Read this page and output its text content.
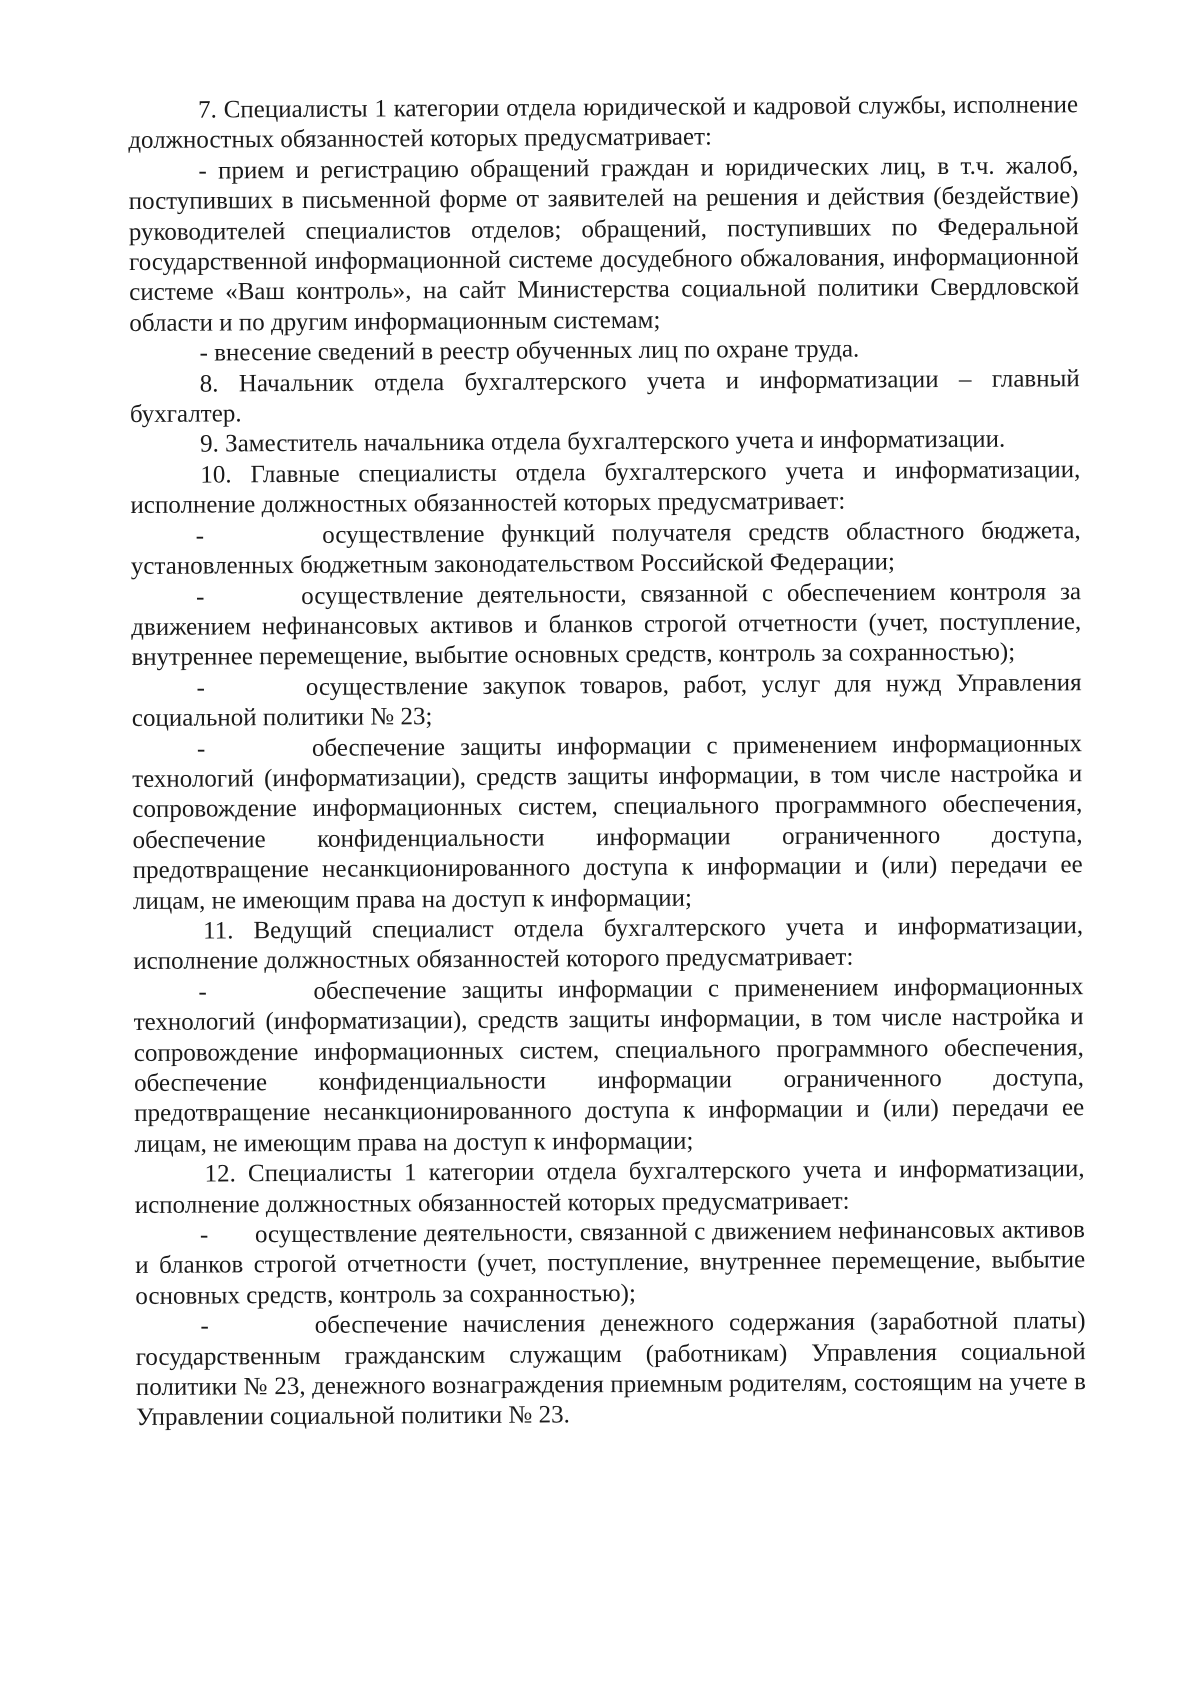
7. Специалисты 1 категории отдела юридической и кадровой службы, исполнение должностных обязанностей которых предусматривает:

- прием и регистрацию обращений граждан и юридических лиц, в т.ч. жалоб, поступивших в письменной форме от заявителей на решения и действия (бездействие) руководителей специалистов отделов; обращений, поступивших по Федеральной государственной информационной системе досудебного обжалования, информационной системе «Ваш контроль», на сайт Министерства социальной политики Свердловской области и по другим информационным системам;

- внесение сведений в реестр обученных лиц по охране труда.

8. Начальник отдела бухгалтерского учета и информатизации – главный бухгалтер.

9. Заместитель начальника отдела бухгалтерского учета и информатизации.

10. Главные специалисты отдела бухгалтерского учета и информатизации, исполнение должностных обязанностей которых предусматривает:

-       осуществление функций получателя средств областного бюджета, установленных бюджетным законодательством Российской Федерации;

-       осуществление деятельности, связанной с обеспечением контроля за движением нефинансовых активов и бланков строгой отчетности (учет, поступление, внутреннее перемещение, выбытие основных средств, контроль за сохранностью);

-       осуществление закупок товаров, работ, услуг для нужд Управления социальной политики № 23;

-       обеспечение защиты информации с применением информационных технологий (информатизации), средств защиты информации, в том числе настройка и сопровождение информационных систем, специального программного обеспечения, обеспечение конфиденциальности информации ограниченного доступа, предотвращение несанкционированного доступа к информации и (или) передачи ее лицам, не имеющим права на доступ к информации;

11. Ведущий специалист отдела бухгалтерского учета и информатизации, исполнение должностных обязанностей которого предусматривает:

-       обеспечение защиты информации с применением информационных технологий (информатизации), средств защиты информации, в том числе настройка и сопровождение информационных систем, специального программного обеспечения, обеспечение конфиденциальности информации ограниченного доступа, предотвращение несанкционированного доступа к информации и (или) передачи ее лицам, не имеющим права на доступ к информации;

12. Специалисты 1 категории отдела бухгалтерского учета и информатизации, исполнение должностных обязанностей которых предусматривает:

-       осуществление деятельности, связанной с движением нефинансовых активов и бланков строгой отчетности (учет, поступление, внутреннее перемещение, выбытие основных средств, контроль за сохранностью);

-       обеспечение начисления денежного содержания (заработной платы) государственным гражданским служащим (работникам) Управления социальной политики № 23, денежного вознаграждения приемным родителям, состоящим на учете в Управлении социальной политики № 23.
